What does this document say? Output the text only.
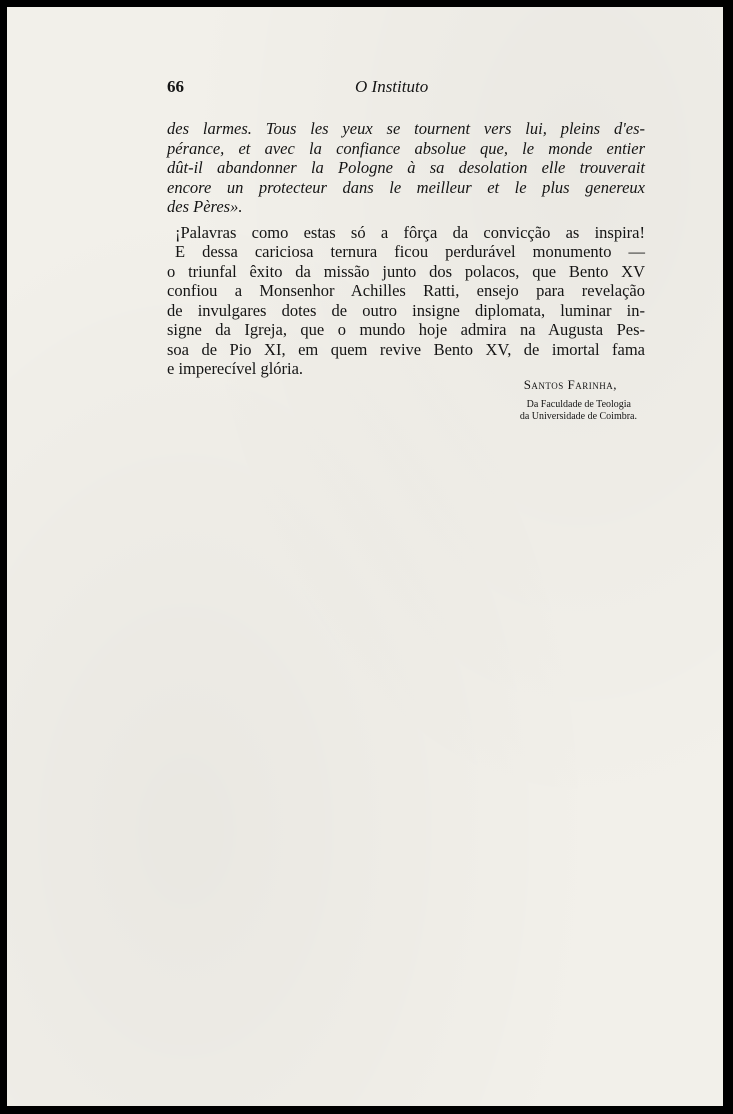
66	O Instituto
des larmes. Tous les yeux se tournent vers lui, pleins d'es-
pérance, et avec la confiance absolue que, le monde entier
dût-il abandonner la Pologne à sa desolation elle trouverait
encore un protecteur dans le meilleur et le plus genereux
des Pères».
¡Palavras como estas só a fôrça da convicção as inspira!
E dessa cariciosa ternura ficou perdurável monumento —
o triunfal êxito da missão junto dos polacos, que Bento XV
confiou a Monsenhor Achilles Ratti, ensejo para revelação
de invulgares dotes de outro insigne diplomata, luminar in-
signe da Igreja, que o mundo hoje admira na Augusta Pes-
soa de Pio XI, em quem revive Bento XV, de imortal fama
e imperecível glória.
Santos Farinha,
Da Faculdade de Teologia
da Universidade de Coimbra.
